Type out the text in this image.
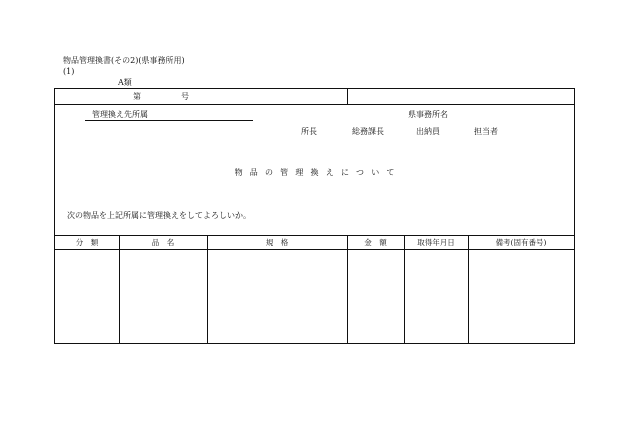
物品管理換書(その2)(県事務所用)
(1)
A類
第	号
管理換え先所属	県事務所名
所長	総務課長	出納員	担当者
物品の管理換えについて
次の物品を上記所属に管理換えをしてよろしいか。
分　類	品　名	規　格	金　額	取得年月日	備考(固有番号)
